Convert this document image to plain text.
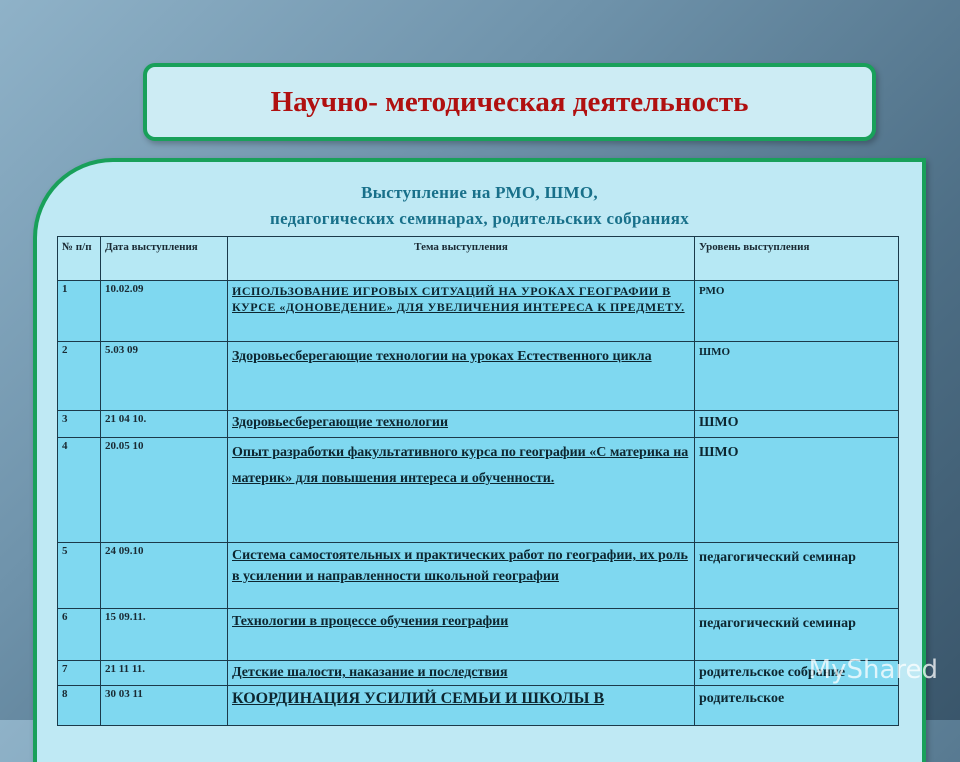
Научно- методическая деятельность
Выступление на РМО, ШМО,
педагогических семинарах, родительских собраниях
№ п/п	Дата выступления	Тема выступления	Уровень выступления
1	10.02.09	ИСПОЛЬЗОВАНИЕ ИГРОВЫХ СИТУАЦИЙ НА УРОКАХ ГЕОГРАФИИ В КУРСЕ «ДОНОВЕДЕНИЕ» ДЛЯ УВЕЛИЧЕНИЯ ИНТЕРЕСА К ПРЕДМЕТУ.	РМО
2	5.03 09	Здоровьесберегающие технологии на уроках Естественного цикла	ШМО
3	21 04 10.	Здоровьесберегающие технологии	ШМО
4	20.05 10	Опыт разработки факультативного курса по географии «С материка на материк» для повышения интереса и обученности.	ШМО
5	24 09.10	Система самостоятельных и практических работ по географии, их роль в усилении и направленности школьной географии	педагогический семинар
6	15 09.11.	Технологии в процессе обучения географии	педагогический семинар
7	21 11 11.	Детские шалости, наказание и последствия	родительское собрание
8	30 03 11	КООРДИНАЦИЯ УСИЛИЙ СЕМЬИ И ШКОЛЫ В	родительское
MyShared
